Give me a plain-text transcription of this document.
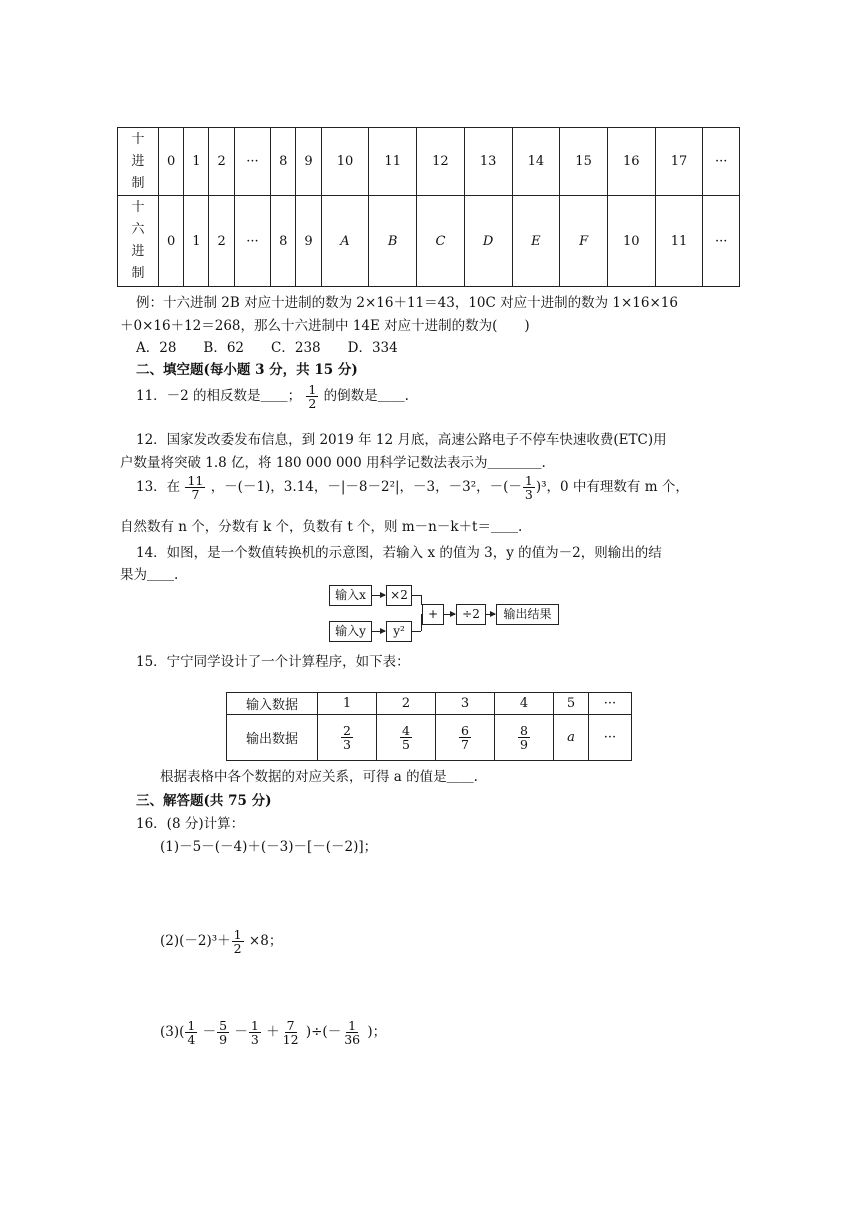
十
进
制	0	1	2	···	8	9	10	11	12	13	14	15	16	17	···

十
六
进
制	0	1	2	···	8	9	A	B	C	D	E	F	10	11	···
例：十六进制 2B 对应十进制的数为 2×16＋11＝43，10C 对应十进制的数为 1×16×16
＋0×16＋12＝268，那么十六进制中 14E 对应十进制的数为(　　)
A．28　　B．62　　C．238　　D．334
二、填空题(每小题 3 分，共 15 分)
11．－2 的相反数是＿＿； $\frac{1}{2}$ 的倒数是＿＿.
12．国家发改委发布信息，到 2019 年 12 月底，高速公路电子不停车快速收费(ETC)用
户数量将突破 1.8 亿，将 180 000 000 用科学记数法表示为＿＿＿＿.
13．在 $\frac{11}{7}$ ，－(－1)，3.14，－|－8－2²|，－3，－3²，－(－ $\frac{1}{3} )^3$，0 中有理数有 m 个，
自然数有 n 个，分数有 k 个，负数有 t 个，则 m－n－k＋t＝＿＿.
14．如图，是一个数值转换机的示意图，若输入 x 的值为 3，y 的值为－2，则输出的结
果为＿＿.
输入x	×2
输入y	y²
+	÷2	输出结果
15．宁宁同学设计了一个计算程序，如下表：
输入数据	1	2	3	4	5	···
输出数据	$\frac{2}{3}$	$\frac{4}{5}$	$\frac{6}{7}$	$\frac{8}{9}$	a	···
根据表格中各个数据的对应关系，可得 a 的值是＿＿.
三、解答题(共 75 分)
16．(8 分)计算：
(1)－5－(－4)＋(－3)－[－(－2)]；
$(2)(-2)^3+ \frac{1}{2} \times 8$；
$(3)( \frac{1}{4} - \frac{5}{9} - \frac{1}{3} + \frac{7}{12}$ )÷(－ $\frac{1}{36}$ )；
